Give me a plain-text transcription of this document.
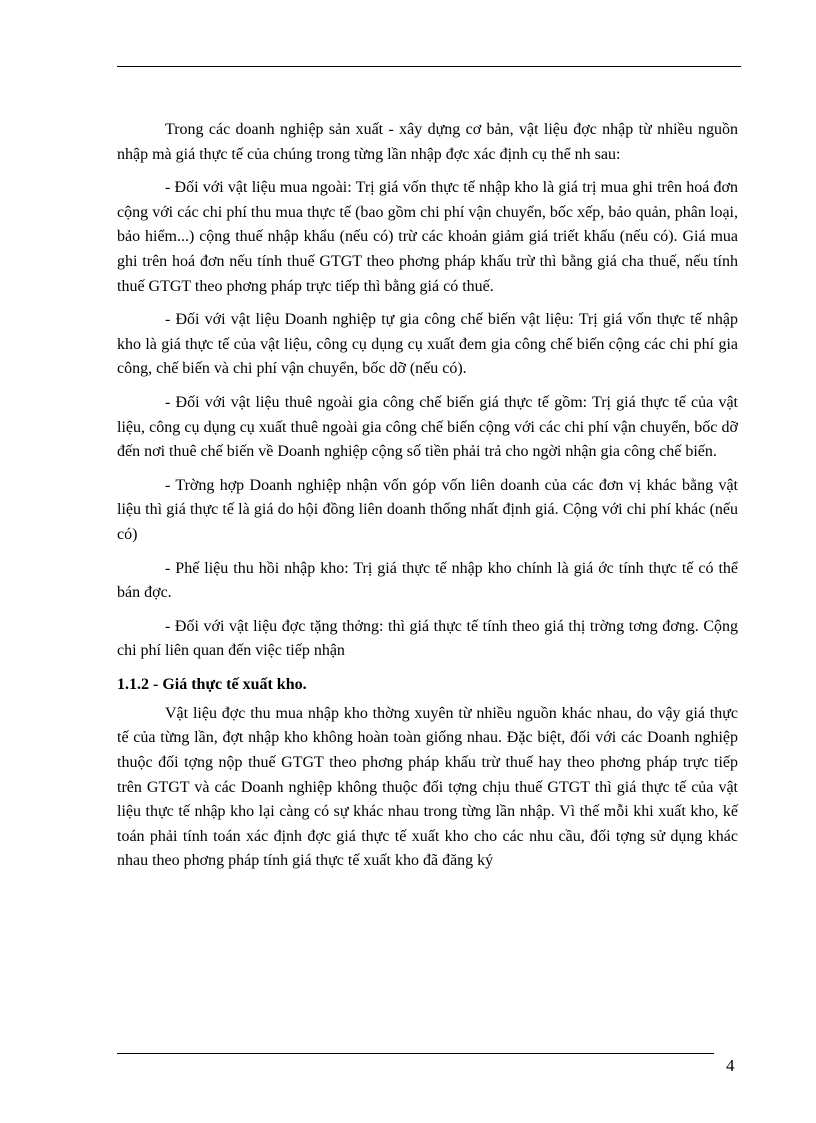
Trong các doanh nghiệp sản xuất - xây dựng cơ bản, vật liệu đợc nhập từ nhiều nguồn nhập mà giá thực tế của chúng trong từng lần nhập đợc xác định cụ thể nh sau:

- Đối với vật liệu mua ngoài: Trị giá vốn thực tế nhập kho là giá trị mua ghi trên hoá đơn cộng với các chi phí thu mua thực tế (bao gồm chi phí vận chuyển, bốc xếp, bảo quản, phân loại, bảo hiểm...) cộng thuế nhập khẩu (nếu có) trừ các khoản giảm giá triết khấu (nếu có). Giá mua ghi trên hoá đơn nếu tính thuế GTGT theo phơng pháp khấu trừ thì bằng giá cha thuế, nếu tính thuế GTGT theo phơng pháp trực tiếp thì bằng giá có thuế.

- Đối với vật liệu Doanh nghiệp tự gia công chế biến vật liệu: Trị giá vốn thực tế nhập kho là giá thực tế của vật liệu, công cụ dụng cụ xuất đem gia công chế biến cộng các chi phí gia công, chế biến và chi phí vận chuyển, bốc dỡ (nếu có).

- Đối với vật liệu thuê ngoài gia công chế biến giá thực tế gồm: Trị giá thực tế của vật liệu, công cụ dụng cụ xuất thuê ngoài gia công chế biến cộng với các chi phí vận chuyển, bốc dỡ đến nơi thuê chế biến về Doanh nghiệp cộng số tiền phải trả cho ngời nhận gia công chế biến.

- Trờng hợp Doanh nghiệp nhận vốn góp vốn liên doanh của các đơn vị khác bằng vật liệu thì giá thực tế là giá do hội đồng liên doanh thống nhất định giá. Cộng với chi phí khác (nếu có)

- Phế liệu thu hồi nhập kho: Trị giá thực tế nhập kho chính là giá ớc tính thực tế có thể bán đợc.

- Đối với vật liệu đợc tặng thởng: thì giá thực tế tính theo giá thị trờng tơng đơng. Cộng chi phí liên quan đến việc tiếp nhận

1.1.2 - Giá thực tế xuất kho.

Vật liệu đợc thu mua nhập kho thờng xuyên từ nhiều nguồn khác nhau, do vậy giá thực tế của từng lần, đợt nhập kho không hoàn toàn giống nhau. Đặc biệt, đối với các Doanh nghiệp thuộc đối tợng nộp thuế GTGT theo phơng pháp khấu trừ thuế hay theo phơng pháp trực tiếp trên GTGT và các Doanh nghiệp không thuộc đối tợng chịu thuế GTGT thì giá thực tế của vật liệu thực tế nhập kho lại càng có sự khác nhau trong từng lần nhập. Vì thế mỗi khi xuất kho, kế toán phải tính toán xác định đợc giá thực tế xuất kho cho các nhu cầu, đối tợng sử dụng khác nhau theo phơng pháp tính giá thực tế xuất kho đã đăng ký

4
